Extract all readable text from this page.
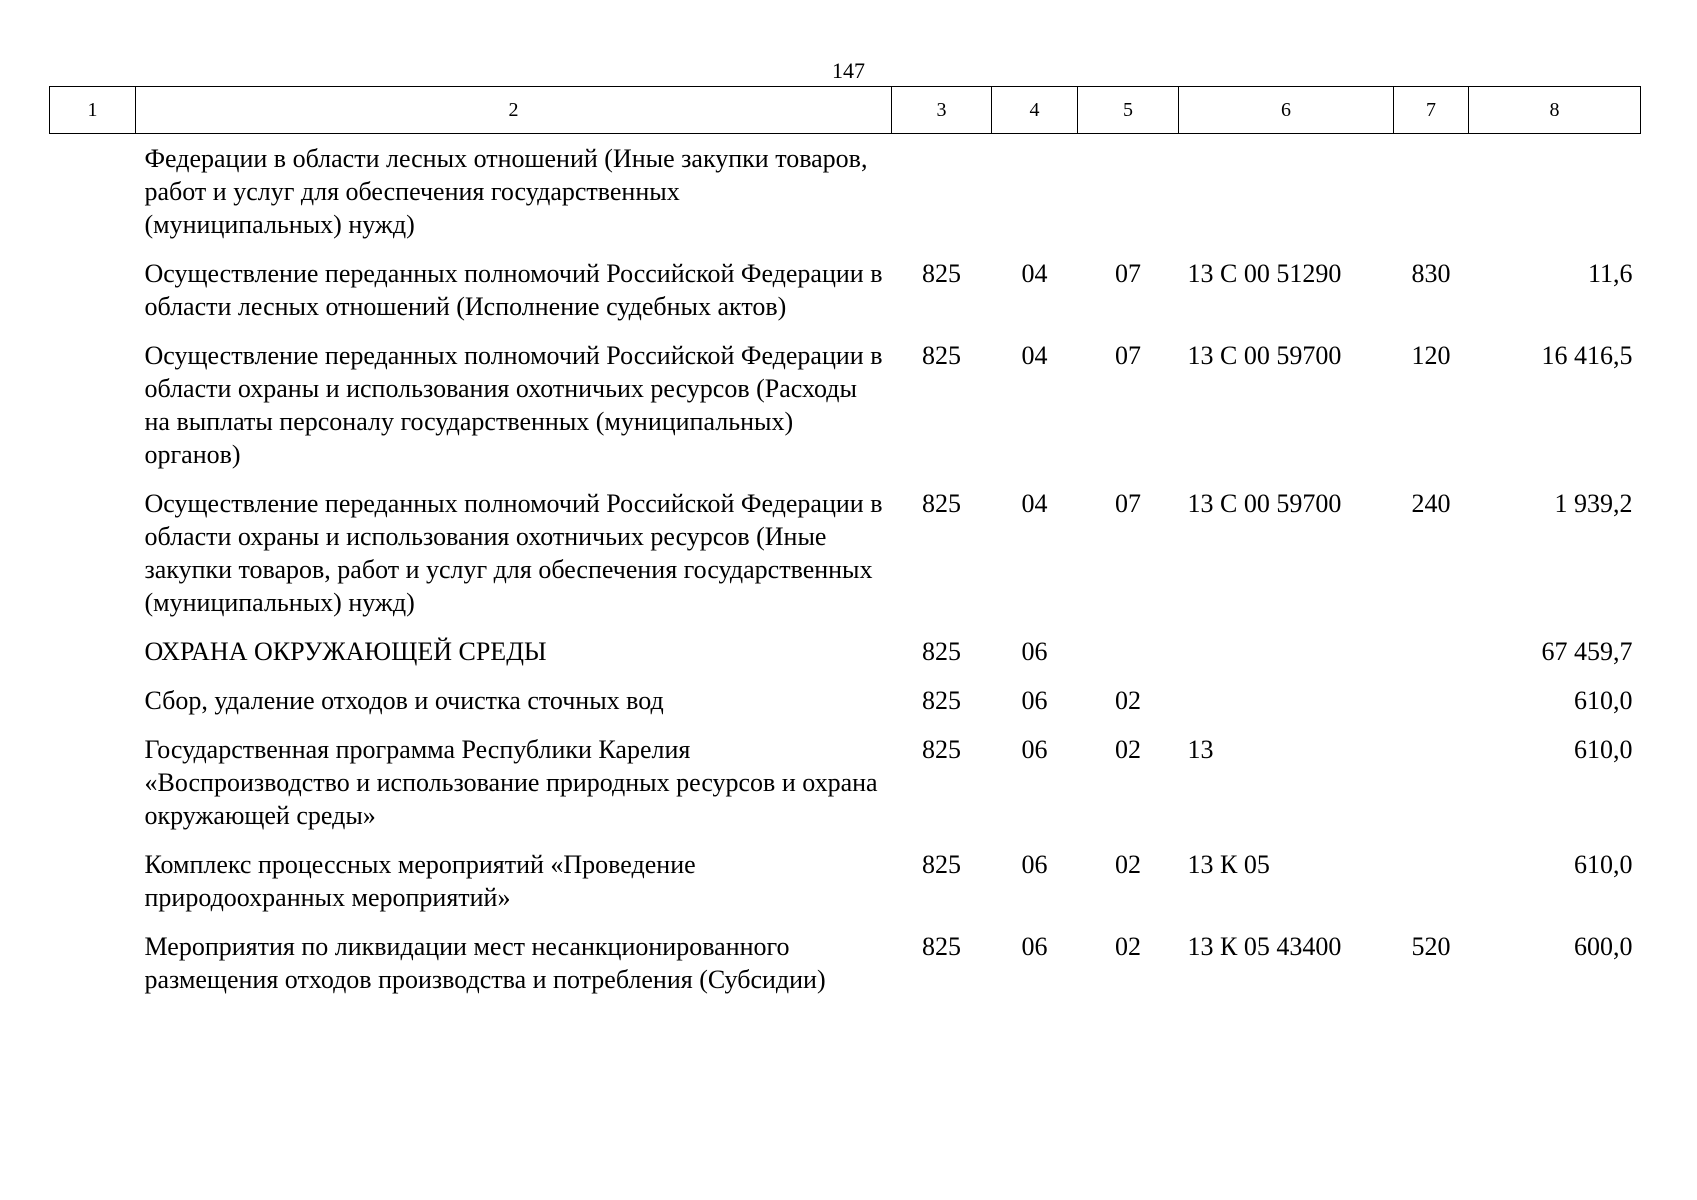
147
1	2	3	4	5	6	7	8
	Федерации в области лесных отношений (Иные закупки товаров, работ и услуг для обеспечения государственных (муниципальных) нужд)						
	Осуществление переданных полномочий Российской Федерации в области лесных отношений (Исполнение судебных актов)	825	04	07	13 С 00 51290	830	11,6
	Осуществление переданных полномочий Российской Федерации в области охраны и использования охотничьих ресурсов (Расходы на выплаты персоналу государственных (муниципальных) органов)	825	04	07	13 С 00 59700	120	16 416,5
	Осуществление переданных полномочий Российской Федерации в области охраны и использования охотничьих ресурсов (Иные закупки товаров, работ и услуг для обеспечения государственных (муниципальных) нужд)	825	04	07	13 С 00 59700	240	1 939,2
	ОХРАНА ОКРУЖАЮЩЕЙ СРЕДЫ	825	06				67 459,7
	Сбор, удаление отходов и очистка сточных вод	825	06	02			610,0
	Государственная программа Республики Карелия «Воспроизводство и использование природных ресурсов и охрана окружающей среды»	825	06	02	13		610,0
	Комплекс процессных мероприятий «Проведение природоохранных мероприятий»	825	06	02	13 К 05		610,0
	Мероприятия по ликвидации мест несанкционированного размещения отходов производства и потребления (Субсидии)	825	06	02	13 К 05 43400	520	600,0
